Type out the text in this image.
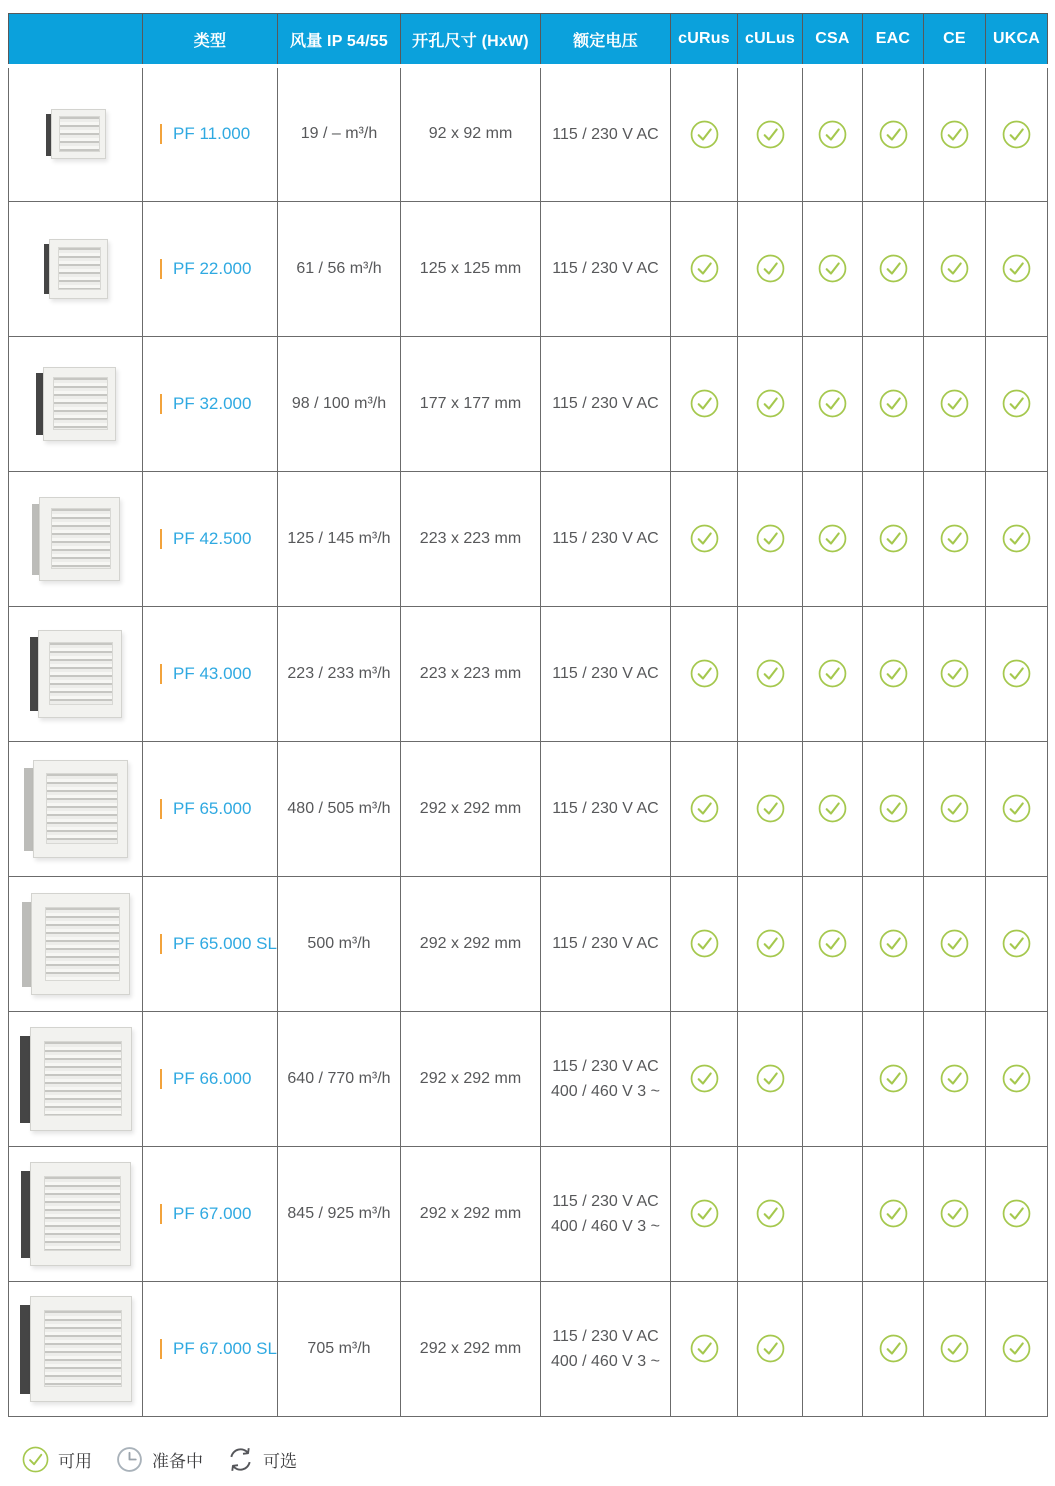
	类型	风量 IP 54/55	开孔尺寸 (HxW)	额定电压	cURus	cULus	CSA	EAC	CE	UKCA

	PF 11.000	19 / – m³/h	92 x 92 mm	115 / 230 V AC

	PF 22.000	61 / 56 m³/h	125 x 125 mm	115 / 230 V AC

	PF 32.000	98 / 100 m³/h	177 x 177 mm	115 / 230 V AC

	PF 42.500	125 / 145 m³/h	223 x 223 mm	115 / 230 V AC

	PF 43.000	223 / 233 m³/h	223 x 223 mm	115 / 230 V AC

	PF 65.000	480 / 505 m³/h	292 x 292 mm	115 / 230 V AC

	PF 65.000 SL	500 m³/h	292 x 292 mm	115 / 230 V AC

	PF 66.000	640 / 770 m³/h	292 x 292 mm	115 / 230 V AC
400 / 460 V 3 ~

	PF 67.000	845 / 925 m³/h	292 x 292 mm	115 / 230 V AC
400 / 460 V 3 ~

	PF 67.000 SL	705 m³/h	292 x 292 mm	115 / 230 V AC
400 / 460 V 3 ~

可用	准备中	可选
